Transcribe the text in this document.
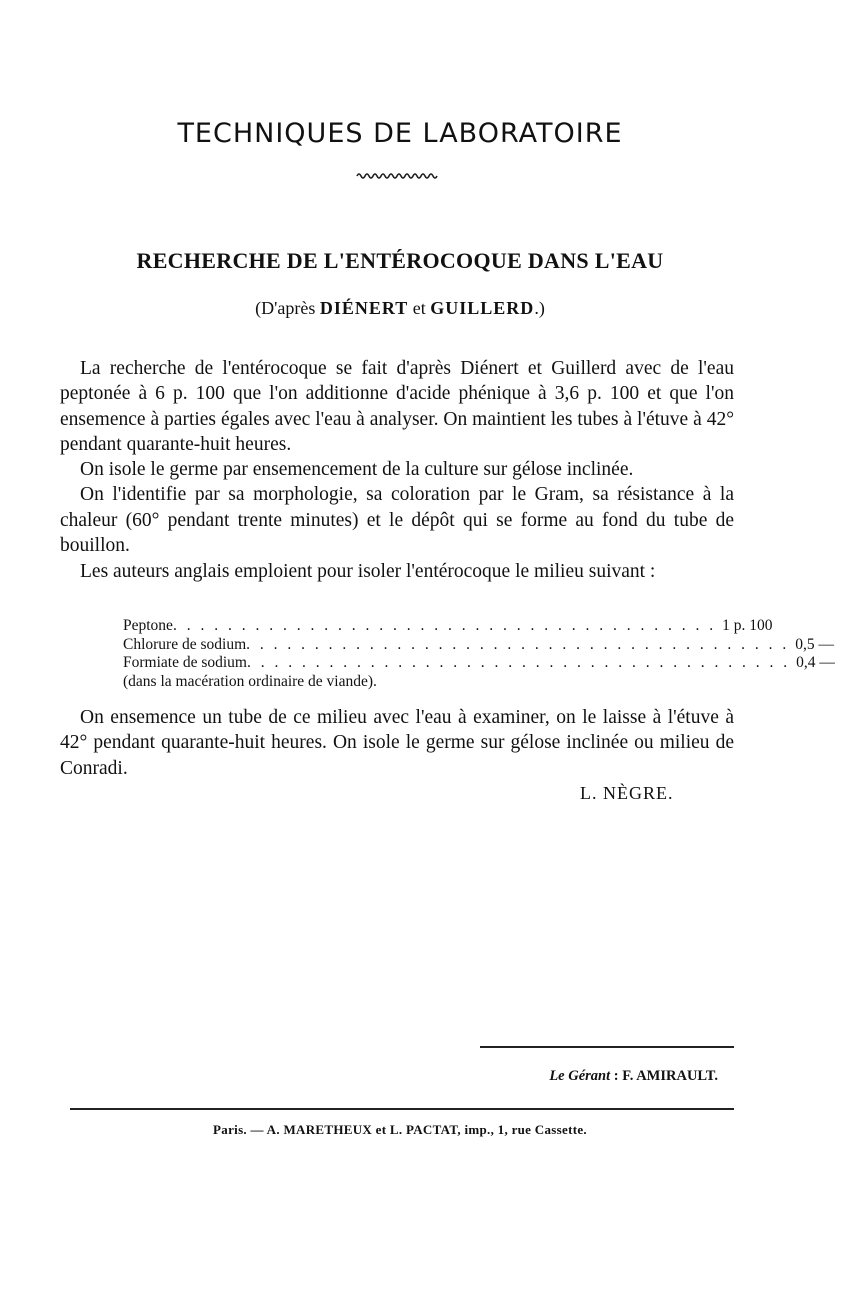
TECHNIQUES DE LABORATOIRE
RECHERCHE DE L'ENTÉROCOQUE DANS L'EAU
(D'après DIÉNERT et GUILLERD.)

La recherche de l'entérocoque se fait d'après Diénert et Guillerd avec de l'eau peptonée à 6 p. 100 que l'on additionne d'acide phénique à 3,6 p. 100 et que l'on ensemence à parties égales avec l'eau à analyser. On maintient les tubes à l'étuve à 42° pendant quarante-huit heures.

On isole le germe par ensemencement de la culture sur gélose inclinée.

On l'identifie par sa morphologie, sa coloration par le Gram, sa résistance à la chaleur (60° pendant trente minutes) et le dépôt qui se forme au fond du tube de bouillon.

Les auteurs anglais emploient pour isoler l'entérocoque le milieu suivant :

Peptone . . . . . . . . . . . . . . . . . . . . . . . . . . . . . . . . . . . . . . . . 1 p. 100
Chlorure de sodium . . . . . . . . . . . . . . . . . . . . . . . . . . . . . . . . . . . . . . . . 0,5 —
Formiate de sodium . . . . . . . . . . . . . . . . . . . . . . . . . . . . . . . . . . . . . . . . 0,4 —
(dans la macération ordinaire de viande).

On ensemence un tube de ce milieu avec l'eau à examiner, on le laisse à l'étuve à 42° pendant quarante-huit heures. On isole le germe sur gélose inclinée ou milieu de Conradi.

L. NÈGRE.
Le Gérant : F. AMIRAULT.
Paris. — A. MARETHEUX et L. PACTAT, imp., 1, rue Cassette.
